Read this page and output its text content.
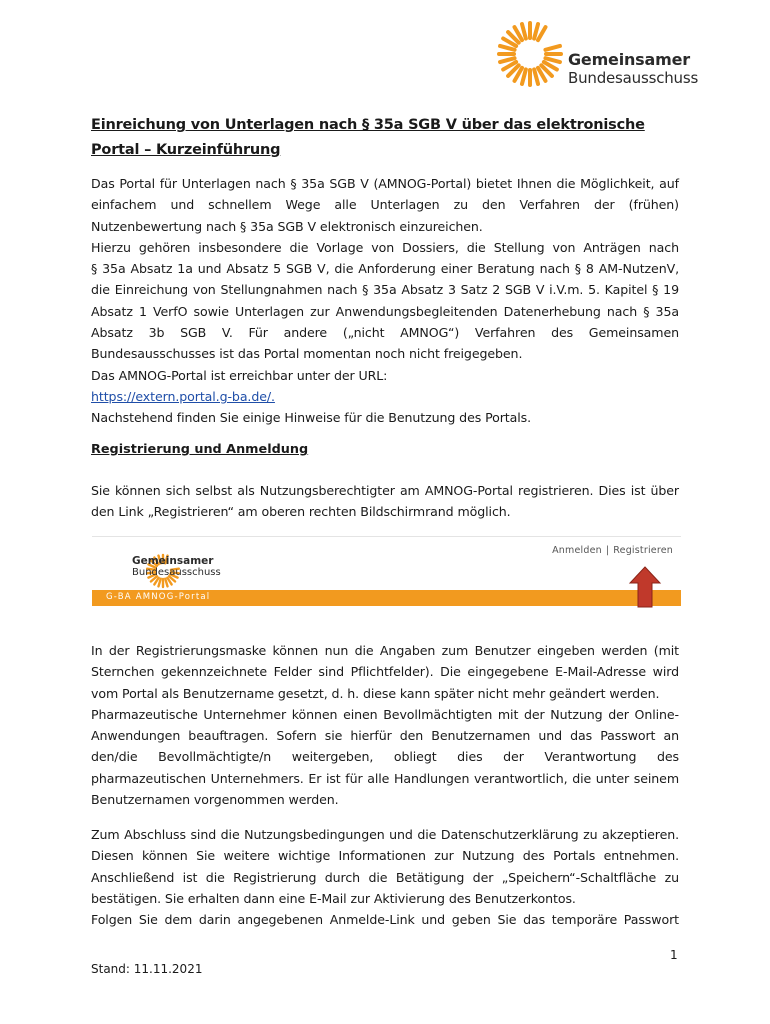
Gemeinsamer
Bundesausschuss
Einreichung von Unterlagen nach § 35a SGB V über das elektronische Portal – Kurzeinführung

Das Portal für Unterlagen nach § 35a SGB V (AMNOG-Portal) bietet Ihnen die Möglichkeit, auf

einfachem und schnellem Wege alle Unterlagen zu den Verfahren der (frühen)

Nutzenbewertung nach § 35a SGB V elektronisch einzureichen.

Hierzu gehören insbesondere die Vorlage von Dossiers, die Stellung von Anträgen nach

§ 35a Absatz 1a und Absatz 5 SGB V, die Anforderung einer Beratung nach § 8 AM-NutzenV,

die Einreichung von Stellungnahmen nach § 35a Absatz 3 Satz 2 SGB V i.V.m. 5. Kapitel § 19

Absatz 1 VerfO sowie Unterlagen zur Anwendungsbegleitenden Datenerhebung nach § 35a

Absatz 3b SGB V. Für andere („nicht AMNOG“) Verfahren des Gemeinsamen

Bundesausschusses ist das Portal momentan noch nicht freigegeben.

Das AMNOG-Portal ist erreichbar unter der URL:

https://extern.portal.g-ba.de/.

Nachstehend finden Sie einige Hinweise für die Benutzung des Portals.

Registrierung und Anmeldung

Sie können sich selbst als Nutzungsberechtigter am AMNOG-Portal registrieren. Dies ist über

den Link „Registrieren“ am oberen rechten Bildschirmrand möglich.

Anmelden | Registrieren
Gemeinsamer
Bundesausschuss
G-BA AMNOG-Portal

In der Registrierungsmaske können nun die Angaben zum Benutzer eingeben werden (mit

Sternchen gekennzeichnete Felder sind Pflichtfelder). Die eingegebene E-Mail-Adresse wird

vom Portal als Benutzername gesetzt, d. h. diese kann später nicht mehr geändert werden.

Pharmazeutische Unternehmer können einen Bevollmächtigten mit der Nutzung der Online-

Anwendungen beauftragen. Sofern sie hierfür den Benutzernamen und das Passwort an

den/die Bevollmächtigte/n weitergeben, obliegt dies der Verantwortung des

pharmazeutischen Unternehmers. Er ist für alle Handlungen verantwortlich, die unter seinem

Benutzernamen vorgenommen werden.

Zum Abschluss sind die Nutzungsbedingungen und die Datenschutzerklärung zu akzeptieren.

Diesen können Sie weitere wichtige Informationen zur Nutzung des Portals entnehmen.

Anschließend ist die Registrierung durch die Betätigung der „Speichern“-Schaltfläche zu

bestätigen. Sie erhalten dann eine E-Mail zur Aktivierung des Benutzerkontos.

Folgen Sie dem darin angegebenen Anmelde-Link und geben Sie das temporäre Passwort

1
Stand: 11.11.2021
